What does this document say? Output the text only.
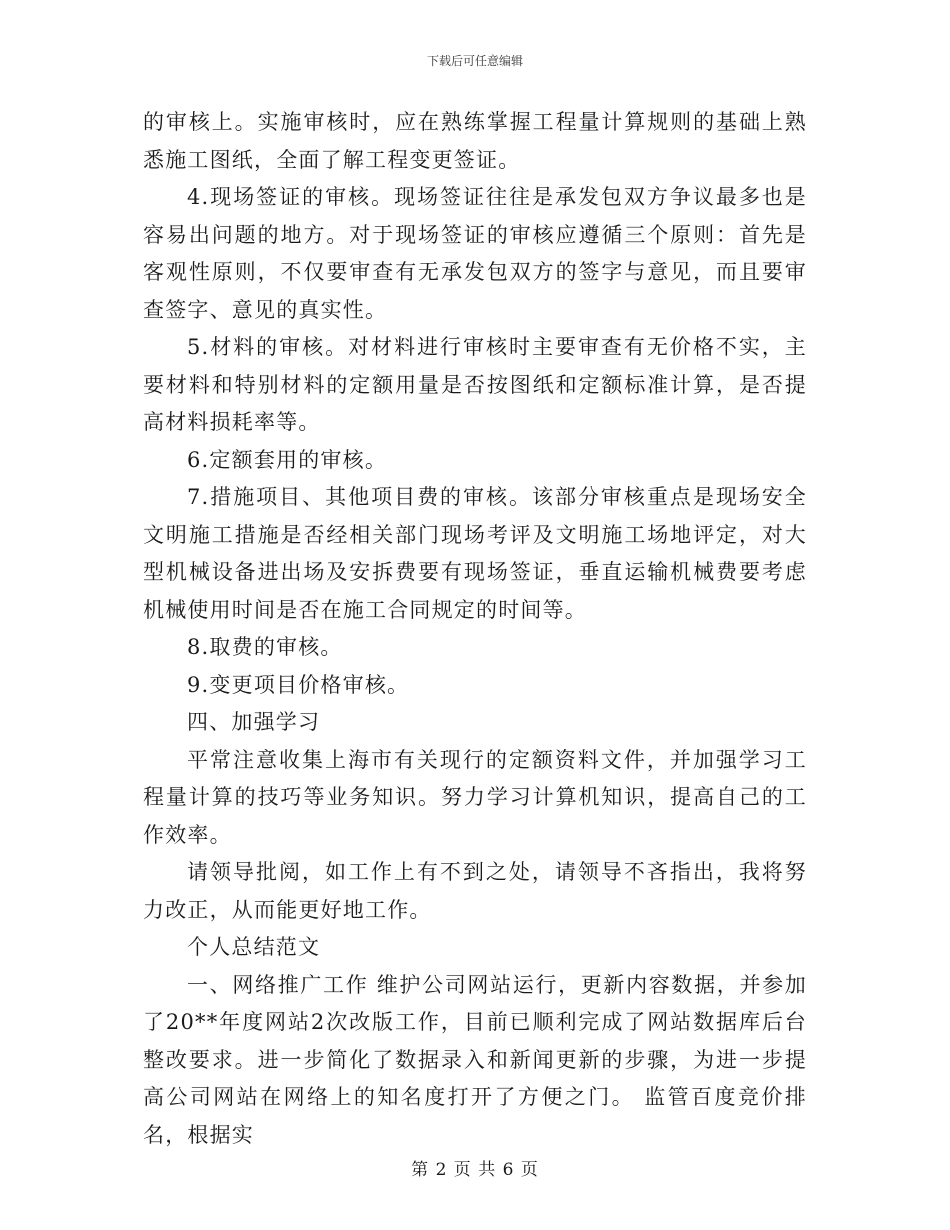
下载后可任意编辑

的审核上。实施审核时，应在熟练掌握工程量计算规则的基础上熟悉施工图纸，全面了解工程变更签证。

4.现场签证的审核。现场签证往往是承发包双方争议最多也是容易出问题的地方。对于现场签证的审核应遵循三个原则：首先是客观性原则，不仅要审查有无承发包双方的签字与意见，而且要审查签字、意见的真实性。

5.材料的审核。对材料进行审核时主要审查有无价格不实，主要材料和特别材料的定额用量是否按图纸和定额标准计算，是否提高材料损耗率等。

6.定额套用的审核。

7.措施项目、其他项目费的审核。该部分审核重点是现场安全文明施工措施是否经相关部门现场考评及文明施工场地评定，对大型机械设备进出场及安拆费要有现场签证，垂直运输机械费要考虑机械使用时间是否在施工合同规定的时间等。

8.取费的审核。

9.变更项目价格审核。

四、加强学习

平常注意收集上海市有关现行的定额资料文件，并加强学习工程量计算的技巧等业务知识。努力学习计算机知识，提高自己的工作效率。

请领导批阅，如工作上有不到之处，请领导不吝指出，我将努力改正，从而能更好地工作。

个人总结范文

一、网络推广工作 维护公司网站运行，更新内容数据，并参加了20**年度网站2次改版工作，目前已顺利完成了网站数据库后台整改要求。进一步简化了数据录入和新闻更新的步骤，为进一步提高公司网站在网络上的知名度打开了方便之门。 监管百度竞价排名，根据实

第 2 页 共 6 页
